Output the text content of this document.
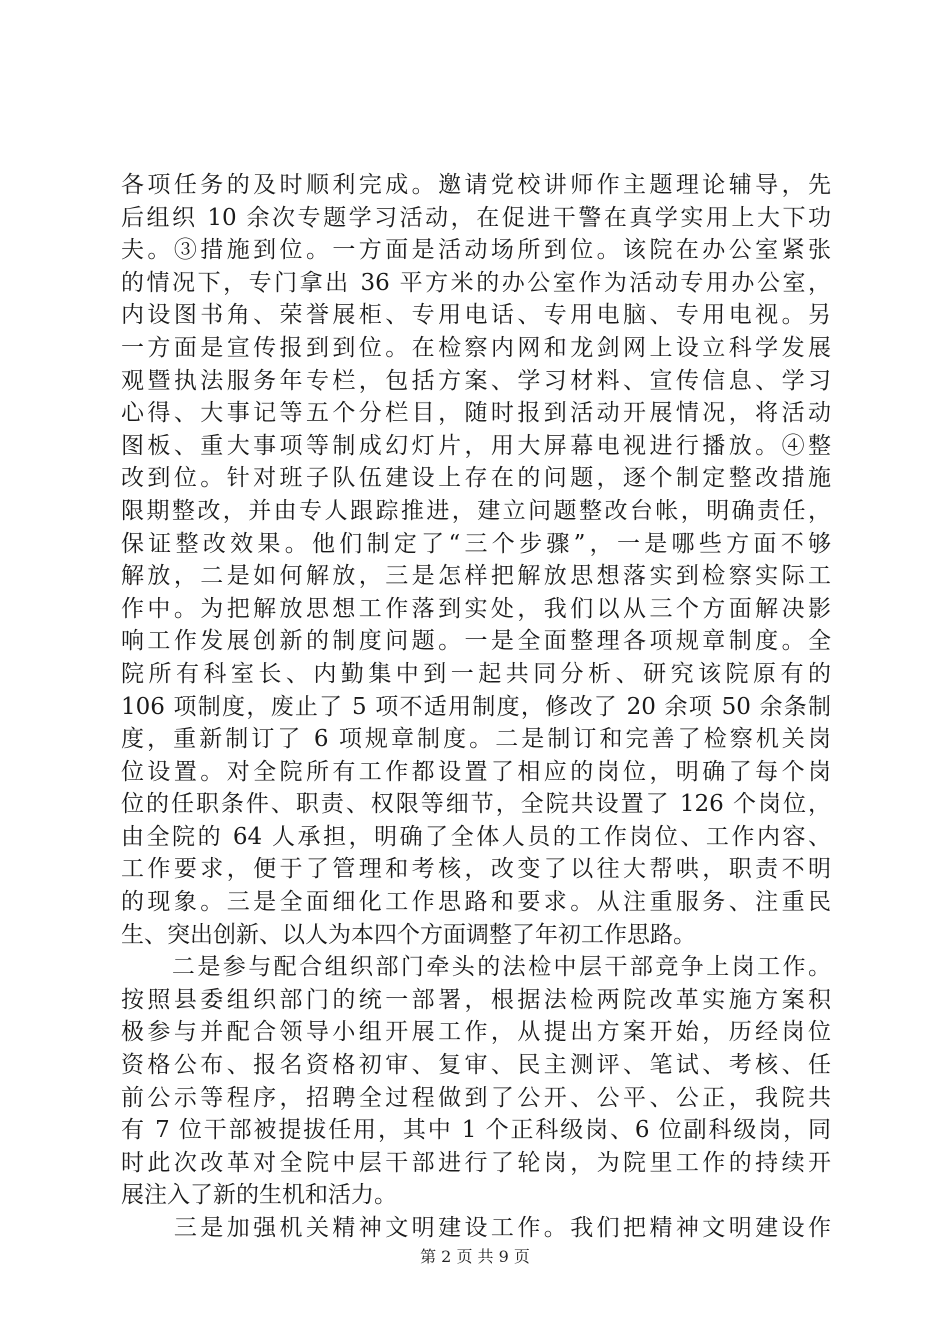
各项任务的及时顺利完成。邀请党校讲师作主题理论辅导，先
后组织 10 余次专题学习活动，在促进干警在真学实用上大下功
夫。③措施到位。一方面是活动场所到位。该院在办公室紧张
的情况下，专门拿出 36 平方米的办公室作为活动专用办公室，
内设图书角、荣誉展柜、专用电话、专用电脑、专用电视。另
一方面是宣传报到到位。在检察内网和龙剑网上设立科学发展
观暨执法服务年专栏，包括方案、学习材料、宣传信息、学习
心得、大事记等五个分栏目，随时报到活动开展情况，将活动
图板、重大事项等制成幻灯片，用大屏幕电视进行播放。④整
改到位。针对班子队伍建设上存在的问题，逐个制定整改措施
限期整改，并由专人跟踪推进，建立问题整改台帐，明确责任，
保证整改效果。他们制定了“三个步骤”，一是哪些方面不够
解放，二是如何解放，三是怎样把解放思想落实到检察实际工
作中。为把解放思想工作落到实处，我们以从三个方面解决影
响工作发展创新的制度问题。一是全面整理各项规章制度。全
院所有科室长、内勤集中到一起共同分析、研究该院原有的
106 项制度，废止了 5 项不适用制度，修改了 20 余项 50 余条制
度，重新制订了 6 项规章制度。二是制订和完善了检察机关岗
位设置。对全院所有工作都设置了相应的岗位，明确了每个岗
位的任职条件、职责、权限等细节，全院共设置了 126 个岗位，
由全院的 64 人承担，明确了全体人员的工作岗位、工作内容、
工作要求，便于了管理和考核，改变了以往大帮哄，职责不明
的现象。三是全面细化工作思路和要求。从注重服务、注重民
生、突出创新、以人为本四个方面调整了年初工作思路。
　　二是参与配合组织部门牵头的法检中层干部竞争上岗工作。
按照县委组织部门的统一部署，根据法检两院改革实施方案积
极参与并配合领导小组开展工作，从提出方案开始，历经岗位
资格公布、报名资格初审、复审、民主测评、笔试、考核、任
前公示等程序，招聘全过程做到了公开、公平、公正，我院共
有 7 位干部被提拔任用，其中 1 个正科级岗、6 位副科级岗，同
时此次改革对全院中层干部进行了轮岗，为院里工作的持续开
展注入了新的生机和活力。
　　三是加强机关精神文明建设工作。我们把精神文明建设作
第 2 页 共 9 页
